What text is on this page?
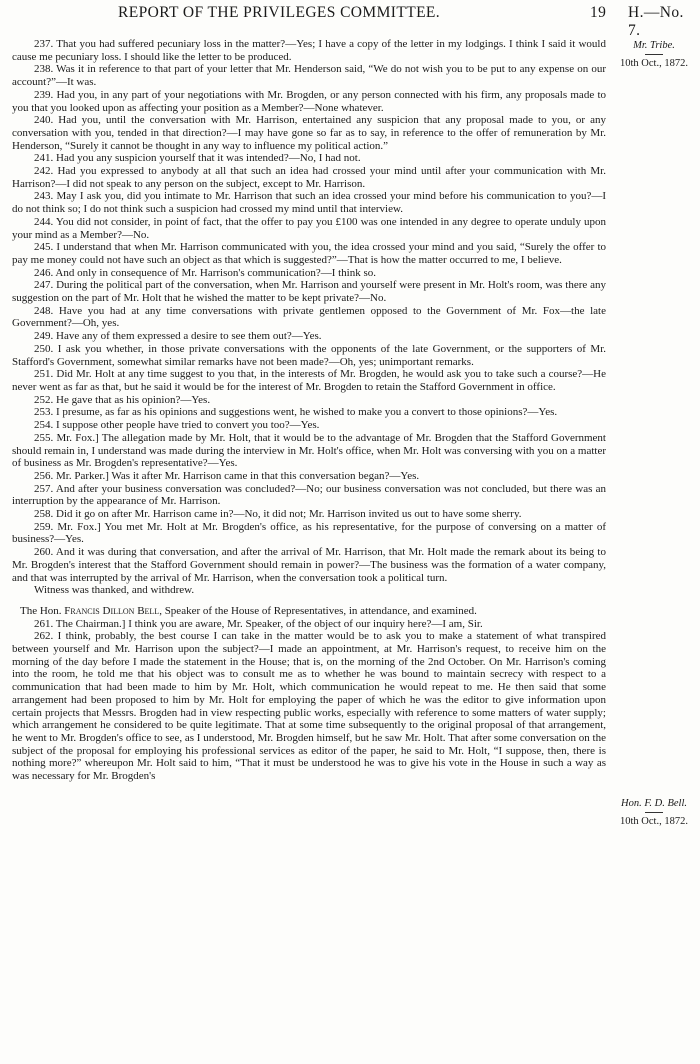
REPORT OF THE PRIVILEGES COMMITTEE.	19 H.—No. 7.
Mr. Tribe.
10th Oct., 1872.
Hon. F. D. Bell.
10th Oct., 1872.

237. That you had suffered pecuniary loss in the matter?—Yes; I have a copy of the letter in my lodgings. I think I said it would cause me pecuniary loss. I should like the letter to be produced.

238. Was it in reference to that part of your letter that Mr. Henderson said, “We do not wish you to be put to any expense on our account?”—It was.

239. Had you, in any part of your negotiations with Mr. Brogden, or any person connected with his firm, any proposals made to you that you looked upon as affecting your position as a Member?—None whatever.

240. Had you, until the conversation with Mr. Harrison, entertained any suspicion that any proposal made to you, or any conversation with you, tended in that direction?—I may have gone so far as to say, in reference to the offer of remuneration by Mr. Henderson, “Surely it cannot be thought in any way to influence my political action.”

241. Had you any suspicion yourself that it was intended?—No, I had not.

242. Had you expressed to anybody at all that such an idea had crossed your mind until after your communication with Mr. Harrison?—I did not speak to any person on the subject, except to Mr. Harrison.

243. May I ask you, did you intimate to Mr. Harrison that such an idea crossed your mind before his communication to you?—I do not think so; I do not think such a suspicion had crossed my mind until that interview.

244. You did not consider, in point of fact, that the offer to pay you £100 was one intended in any degree to operate unduly upon your mind as a Member?—No.

245. I understand that when Mr. Harrison communicated with you, the idea crossed your mind and you said, “Surely the offer to pay me money could not have such an object as that which is suggested?”—That is how the matter occurred to me, I believe.

246. And only in consequence of Mr. Harrison's communication?—I think so.

247. During the political part of the conversation, when Mr. Harrison and yourself were present in Mr. Holt's room, was there any suggestion on the part of Mr. Holt that he wished the matter to be kept private?—No.

248. Have you had at any time conversations with private gentlemen opposed to the Government of Mr. Fox—the late Government?—Oh, yes.

249. Have any of them expressed a desire to see them out?—Yes.

250. I ask you whether, in those private conversations with the opponents of the late Government, or the supporters of Mr. Stafford's Government, somewhat similar remarks have not been made?—Oh, yes; unimportant remarks.

251. Did Mr. Holt at any time suggest to you that, in the interests of Mr. Brogden, he would ask you to take such a course?—He never went as far as that, but he said it would be for the interest of Mr. Brogden to retain the Stafford Government in office.

252. He gave that as his opinion?—Yes.

253. I presume, as far as his opinions and suggestions went, he wished to make you a convert to those opinions?—Yes.

254. I suppose other people have tried to convert you too?—Yes.

255. Mr. Fox.] The allegation made by Mr. Holt, that it would be to the advantage of Mr. Brogden that the Stafford Government should remain in, I understand was made during the interview in Mr. Holt's office, when Mr. Holt was conversing with you on a matter of business as Mr. Brogden's representative?—Yes.

256. Mr. Parker.] Was it after Mr. Harrison came in that this conversation began?—Yes.

257. And after your business conversation was concluded?—No; our business conversation was not concluded, but there was an interruption by the appearance of Mr. Harrison.

258. Did it go on after Mr. Harrison came in?—No, it did not; Mr. Harrison invited us out to have some sherry.

259. Mr. Fox.] You met Mr. Holt at Mr. Brogden's office, as his representative, for the purpose of conversing on a matter of business?—Yes.

260. And it was during that conversation, and after the arrival of Mr. Harrison, that Mr. Holt made the remark about its being to Mr. Brogden's interest that the Stafford Government should remain in power?—The business was the formation of a water company, and that was interrupted by the arrival of Mr. Harrison, when the conversation took a political turn.

Witness was thanked, and withdrew.

The Hon. Francis Dillon Bell, Speaker of the House of Representatives, in attendance, and examined.

261. The Chairman.] I think you are aware, Mr. Speaker, of the object of our inquiry here?—I am, Sir.

262. I think, probably, the best course I can take in the matter would be to ask you to make a statement of what transpired between yourself and Mr. Harrison upon the subject?—I made an appointment, at Mr. Harrison's request, to receive him on the morning of the day before I made the statement in the House; that is, on the morning of the 2nd October. On Mr. Harrison's coming into the room, he told me that his object was to consult me as to whether he was bound to maintain secrecy with respect to a communication that had been made to him by Mr. Holt, which communication he would repeat to me. He then said that some arrangement had been proposed to him by Mr. Holt for employing the paper of which he was the editor to give information upon certain projects that Messrs. Brogden had in view respecting public works, especially with reference to some matters of water supply; which arrangement he considered to be quite legitimate. That at some time subsequently to the original proposal of that arrangement, he went to Mr. Brogden's office to see, as I understood, Mr. Brogden himself, but he saw Mr. Holt. That after some conversation on the subject of the proposal for employing his professional services as editor of the paper, he said to Mr. Holt, “I suppose, then, there is nothing more?” whereupon Mr. Holt said to him, “That it must be understood he was to give his vote in the House in such a way as was necessary for Mr. Brogden's
